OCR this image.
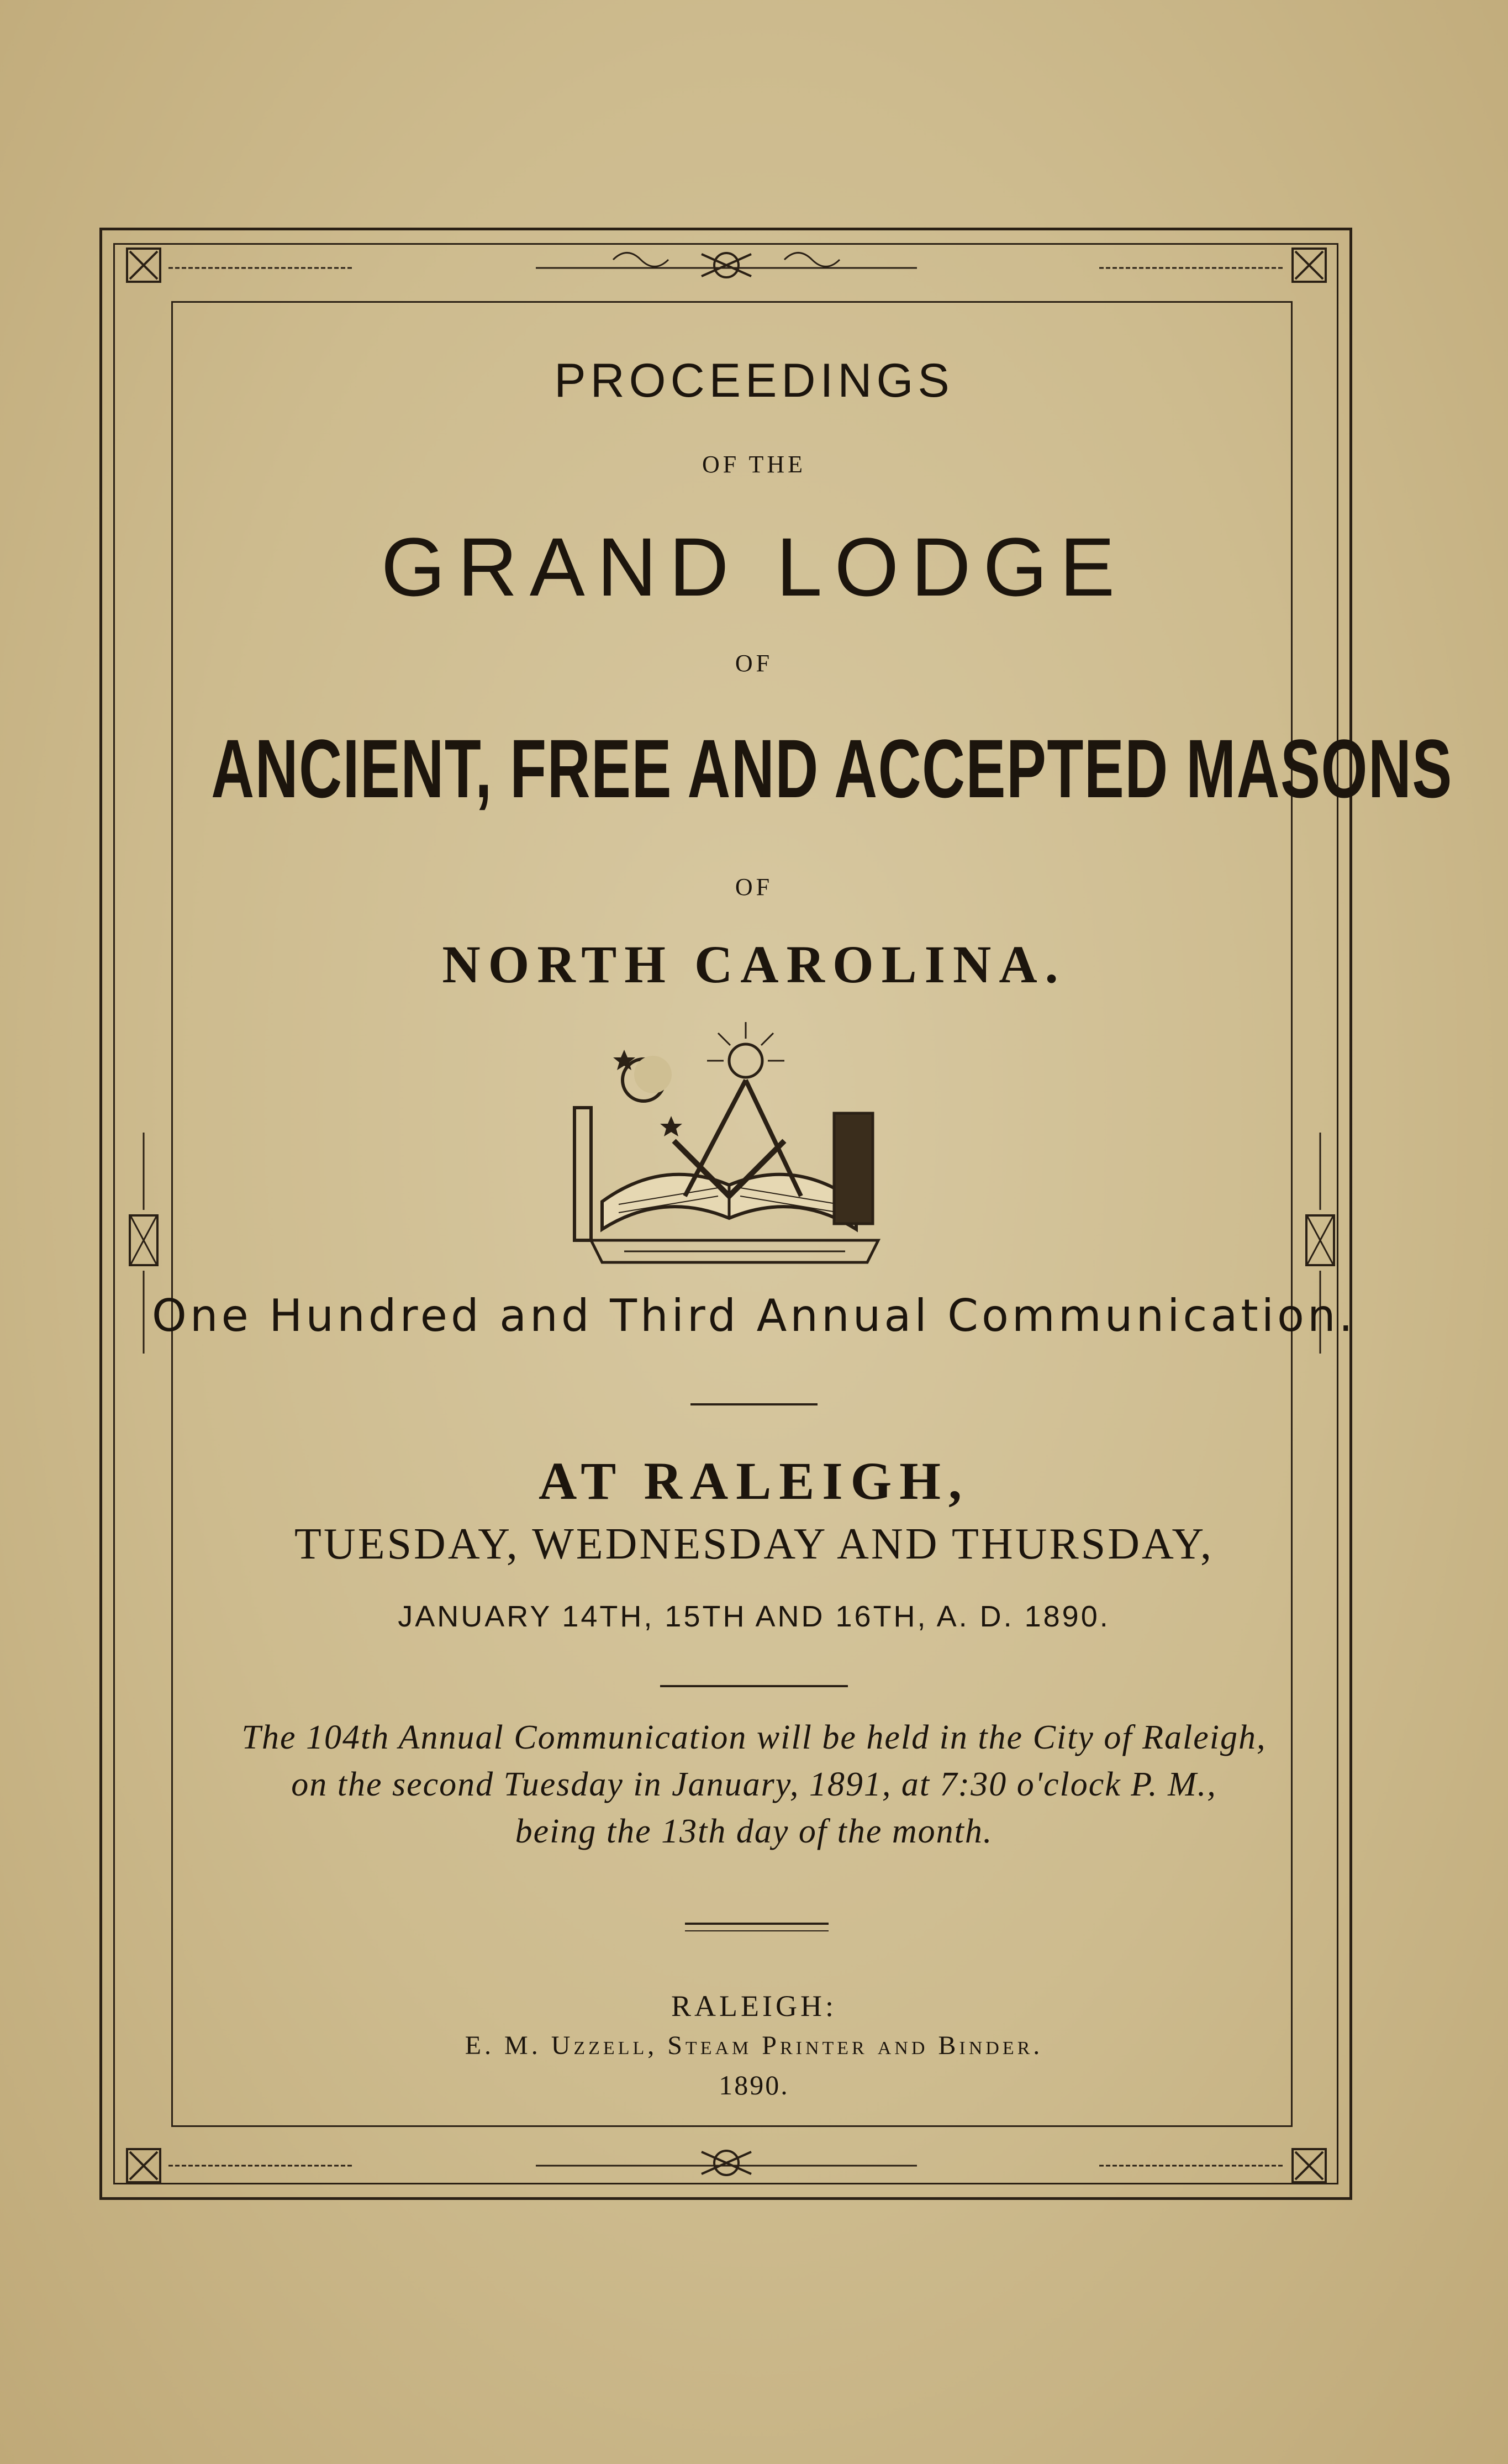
PROCEEDINGS
OF THE
GRAND LODGE
OF
ANCIENT, FREE AND ACCEPTED MASONS
OF
NORTH CAROLINA.
One Hundred and Third Annual Communication.
AT RALEIGH,
TUESDAY, WEDNESDAY AND THURSDAY,
JANUARY 14TH, 15TH AND 16TH, A. D. 1890.
The 104th Annual Communication will be held in the City of Raleigh,
on the second Tuesday in January, 1891, at 7:30 o'clock P. M.,
being the 13th day of the month.
RALEIGH:
E. M. Uzzell, Steam Printer and Binder.
1890.
